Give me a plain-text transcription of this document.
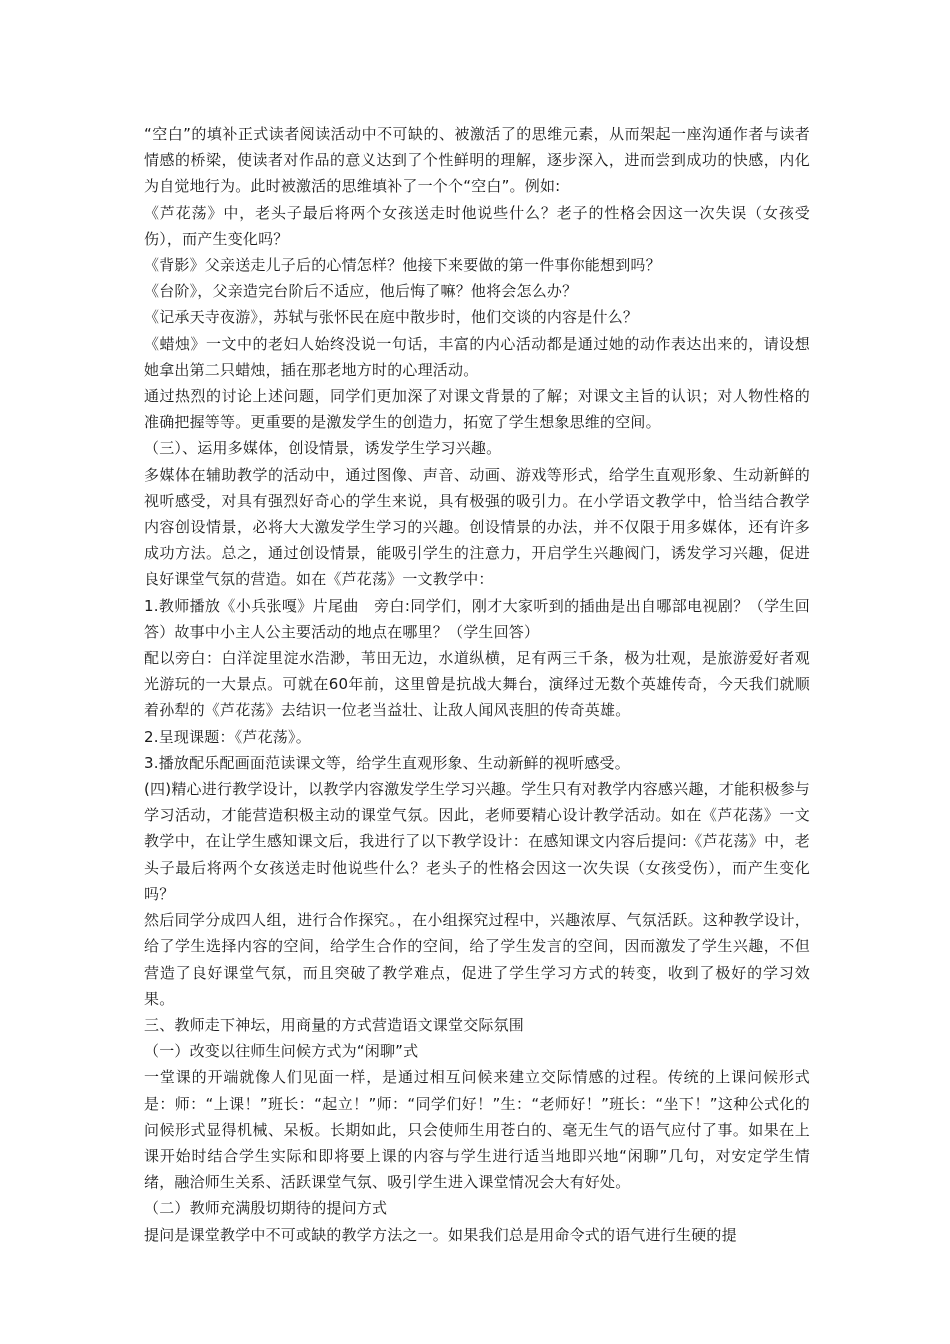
“空白”的填补正式读者阅读活动中不可缺的、被激活了的思维元素，从而架起一座沟通作者与读者情感的桥梁，使读者对作品的意义达到了个性鲜明的理解，逐步深入，进而尝到成功的快感，内化为自觉地行为。此时被激活的思维填补了一个个“空白”。例如:

《芦花荡》中，老头子最后将两个女孩送走时他说些什么？老子的性格会因这一次失误（女孩受伤），而产生变化吗？

《背影》父亲送走儿子后的心情怎样？他接下来要做的第一件事你能想到吗？

《台阶》，父亲造完台阶后不适应，他后悔了嘛？他将会怎么办？

《记承天寺夜游》，苏轼与张怀民在庭中散步时，他们交谈的内容是什么？

《蜡烛》一文中的老妇人始终没说一句话，丰富的内心活动都是通过她的动作表达出来的，请设想她拿出第二只蜡烛，插在那老地方时的心理活动。

通过热烈的讨论上述问题，同学们更加深了对课文背景的了解；对课文主旨的认识；对人物性格的准确把握等等。更重要的是激发学生的创造力，拓宽了学生想象思维的空间。

（三）、运用多媒体，创设情景，诱发学生学习兴趣。

多媒体在辅助教学的活动中，通过图像、声音、动画、游戏等形式，给学生直观形象、生动新鲜的视听感受，对具有强烈好奇心的学生来说，具有极强的吸引力。在小学语文教学中，恰当结合教学内容创设情景，必将大大激发学生学习的兴趣。创设情景的办法，并不仅限于用多媒体，还有许多成功方法。总之，通过创设情景，能吸引学生的注意力，开启学生兴趣阀门，诱发学习兴趣，促进良好课堂气氛的营造。如在《芦花荡》一文教学中：

1.教师播放《小兵张嘎》片尾曲　旁白:同学们，刚才大家听到的插曲是出自哪部电视剧？（学生回答）故事中小主人公主要活动的地点在哪里？（学生回答）

配以旁白：白洋淀里淀水浩渺，苇田无边，水道纵横，足有两三千条，极为壮观，是旅游爱好者观光游玩的一大景点。可就在60年前，这里曾是抗战大舞台，演绎过无数个英雄传奇，今天我们就顺着孙犁的《芦花荡》去结识一位老当益壮、让敌人闻风丧胆的传奇英雄。

2.呈现课题：《芦花荡》。

3.播放配乐配画面范读课文等，给学生直观形象、生动新鲜的视听感受。

(四)精心进行教学设计，以教学内容激发学生学习兴趣。学生只有对教学内容感兴趣，才能积极参与学习活动，才能营造积极主动的课堂气氛。因此，老师要精心设计教学活动。如在《芦花荡》一文教学中，在让学生感知课文后，我进行了以下教学设计：在感知课文内容后提问:《芦花荡》中，老头子最后将两个女孩送走时他说些什么？老头子的性格会因这一次失误（女孩受伤），而产生变化吗？

然后同学分成四人组，进行合作探究。，在小组探究过程中，兴趣浓厚、气氛活跃。这种教学设计，给了学生选择内容的空间，给学生合作的空间，给了学生发言的空间，因而激发了学生兴趣，不但营造了良好课堂气氛，而且突破了教学难点，促进了学生学习方式的转变，收到了极好的学习效果。

三、教师走下神坛，用商量的方式营造语文课堂交际氛围

（一）改变以往师生问候方式为“闲聊”式

一堂课的开端就像人们见面一样，是通过相互问候来建立交际情感的过程。传统的上课问候形式是：师：“上课！”班长：“起立！”师：“同学们好！”生：“老师好！”班长：“坐下！”这种公式化的问候形式显得机械、呆板。长期如此，只会使师生用苍白的、毫无生气的语气应付了事。如果在上课开始时结合学生实际和即将要上课的内容与学生进行适当地即兴地“闲聊”几句，对安定学生情绪，融洽师生关系、活跃课堂气氛、吸引学生进入课堂情况会大有好处。

（二）教师充满殷切期待的提问方式

提问是课堂教学中不可或缺的教学方法之一。如果我们总是用命令式的语气进行生硬的提
